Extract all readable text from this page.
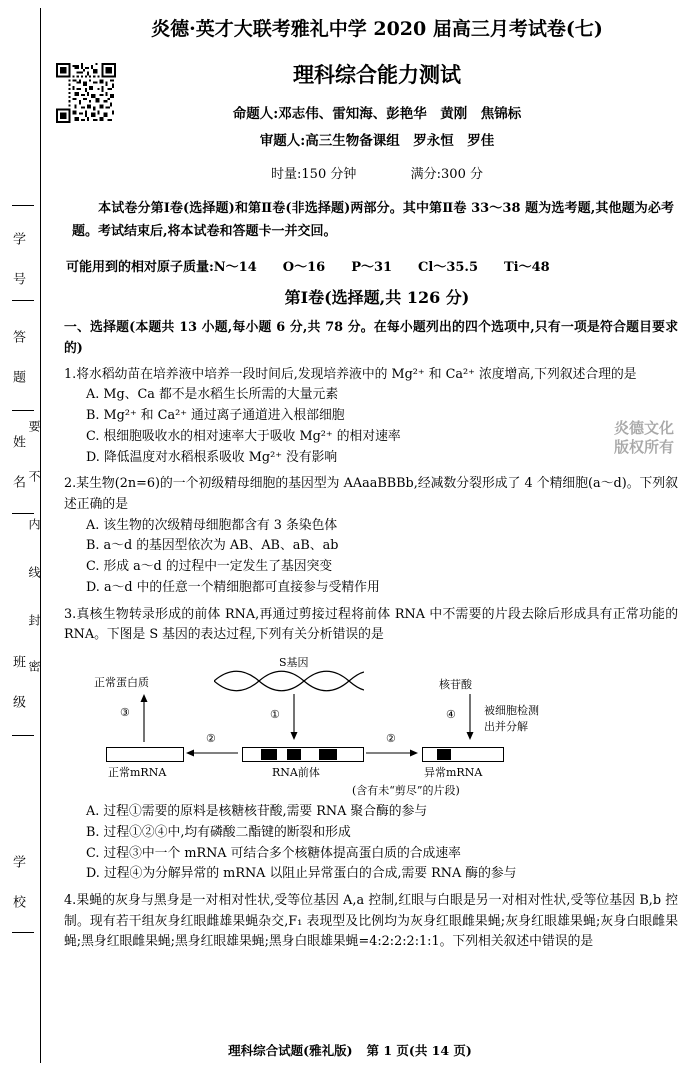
学 号
答 题
姓 名
班 级
学 校
要
不
内
线
封
密
炎德文化
版权所有
炎德·英才大联考雅礼中学 2020 届高三月考试卷(七)
理科综合能力测试
命题人:邓志伟、雷知海、彭艳华　黄刚　焦锦标
审题人:高三生物备课组　罗永恒　罗佳
时量:150 分钟	满分:300 分
本试卷分第Ⅰ卷(选择题)和第Ⅱ卷(非选择题)两部分。其中第Ⅱ卷 33～38 题为选考题,其他题为必考题。考试结束后,将本试卷和答题卡一并交回。
可能用到的相对原子质量:N～14　　O～16　　P～31　　Cl～35.5　　Ti～48
第Ⅰ卷(选择题,共 126 分)
一、选择题(本题共 13 小题,每小题 6 分,共 78 分。在每小题列出的四个选项中,只有一项是符合题目要求的)
1.将水稻幼苗在培养液中培养一段时间后,发现培养液中的 Mg²⁺ 和 Ca²⁺ 浓度增高,下列叙述合理的是
A. Mg、Ca 都不是水稻生长所需的大量元素
B. Mg²⁺ 和 Ca²⁺ 通过离子通道进入根部细胞
C. 根细胞吸收水的相对速率大于吸收 Mg²⁺ 的相对速率
D. 降低温度对水稻根系吸收 Mg²⁺ 没有影响
2.某生物(2n=6)的一个初级精母细胞的基因型为 AAaaBBBb,经减数分裂形成了 4 个精细胞(a～d)。下列叙述正确的是
A. 该生物的次级精母细胞都含有 3 条染色体
B. a～d 的基因型依次为 AB、AB、aB、ab
C. 形成 a～d 的过程中一定发生了基因突变
D. a～d 中的任意一个精细胞都可直接参与受精作用
3.真核生物转录形成的前体 RNA,再通过剪接过程将前体 RNA 中不需要的片段去除后形成具有正常功能的 RNA。下图是 S 基因的表达过程,下列有关分析错误的是
S基因
正常蛋白质	核苷酸
③	①	④	被细胞检测
出并分解
②	②
正常mRNA	RNA前体	异常mRNA
(含有未“剪尽”的片段)
A. 过程①需要的原料是核糖核苷酸,需要 RNA 聚合酶的参与
B. 过程①②④中,均有磷酸二酯键的断裂和形成
C. 过程③中一个 mRNA 可结合多个核糖体提高蛋白质的合成速率
D. 过程④为分解异常的 mRNA 以阻止异常蛋白的合成,需要 RNA 酶的参与
4.果蝇的灰身与黑身是一对相对性状,受等位基因 A,a 控制,红眼与白眼是另一对相对性状,受等位基因 B,b 控制。现有若干组灰身红眼雌雄果蝇杂交,F₁ 表现型及比例均为灰身红眼雌果蝇;灰身红眼雄果蝇;灰身白眼雌果蝇;黑身红眼雌果蝇;黑身红眼雄果蝇;黑身白眼雄果蝇=4:2:2:2:1:1。下列相关叙述中错误的是
理科综合试题(雅礼版) 第 1 页(共 14 页)
